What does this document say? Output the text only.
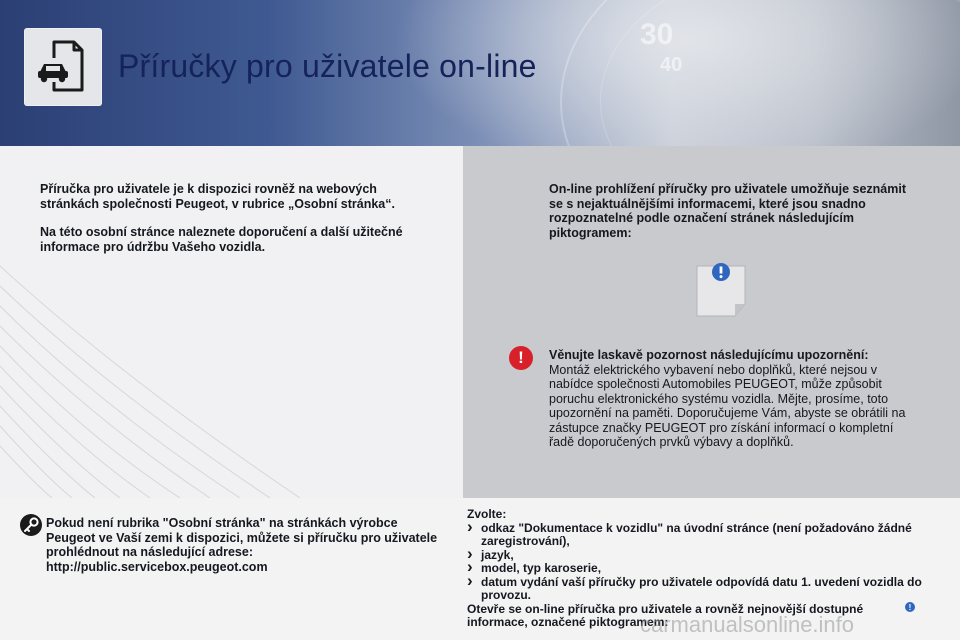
30
40
Příručky pro uživatele on-line

Příručka pro uživatele je k dispozici rovněž na webových stránkách společnosti Peugeot, v rubrice „Osobní stránka“.

Na této osobní stránce naleznete doporučení a další užitečné informace pro údržbu Vašeho vozidla.

On-line prohlížení příručky pro uživatele umožňuje seznámit se s nejaktuálnějšími informacemi, které jsou snadno rozpoznatelné podle označení stránek následujícím piktogramem:

!	Věnujte laskavě pozornost následujícímu upozornění:
Montáž elektrického vybavení nebo doplňků, které nejsou v nabídce společnosti Automobiles PEUGEOT, může způsobit poruchu elektronického systému vozidla. Mějte, prosíme, toto upozornění na paměti. Doporučujeme Vám, abyste se obrátili na zástupce značky PEUGEOT pro získání informací o kompletní řadě doporučených prvků výbavy a doplňků.

Pokud není rubrika "Osobní stránka" na stránkách výrobce

Peugeot ve Vaší zemi k dispozici, můžete si příručku pro uživatele

prohlédnout na následující adrese:

http://public.servicebox.peugeot.com

Zvolte:

› odkaz "Dokumentace k vozidlu" na úvodní stránce (není požadováno žádné zaregistrování),
› jazyk,
› model, typ karoserie,
› datum vydání vaší příručky pro uživatele odpovídá datu 1. uvedení vozidla do provozu.

Otevře se on-line příručka pro uživatele a rovněž nejnovější dostupné informace, označené piktogramem:

!
carmanualsonline.info
